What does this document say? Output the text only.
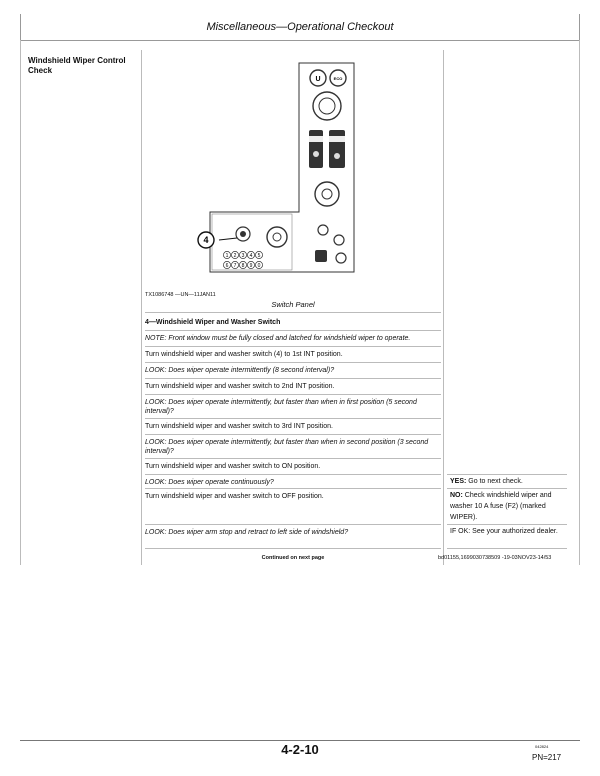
Miscellaneous—Operational Checkout
Windshield Wiper Control Check
U	ECO
4
1 2 3 4 5
6 7 8 9 0
TX1086748 —UN—11JAN11
Switch Panel
4—Windshield Wiper and Washer Switch
NOTE: Front window must be fully closed and latched for windshield wiper to operate.
Turn windshield wiper and washer switch (4) to 1st INT position.
LOOK: Does wiper operate intermittently (8 second interval)?
Turn windshield wiper and washer switch to 2nd INT position.
LOOK: Does wiper operate intermittently, but faster than when in first position (5 second interval)?
Turn windshield wiper and washer switch to 3rd INT position.
LOOK: Does wiper operate intermittently, but faster than when in second position (3 second interval)?
Turn windshield wiper and washer switch to ON position.
LOOK: Does wiper operate continuously?
Turn windshield wiper and washer switch to OFF position.
LOOK: Does wiper arm stop and retract to left side of windshield?
YES: Go to next check.
NO: Check windshield wiper and washer 10 A fuse (F2) (marked WIPER).
IF OK: See your authorized dealer.
Continued on next page	bd01155,1699030738509 -19-03NOV23-14/53
4-2-10	042824
PN=217
